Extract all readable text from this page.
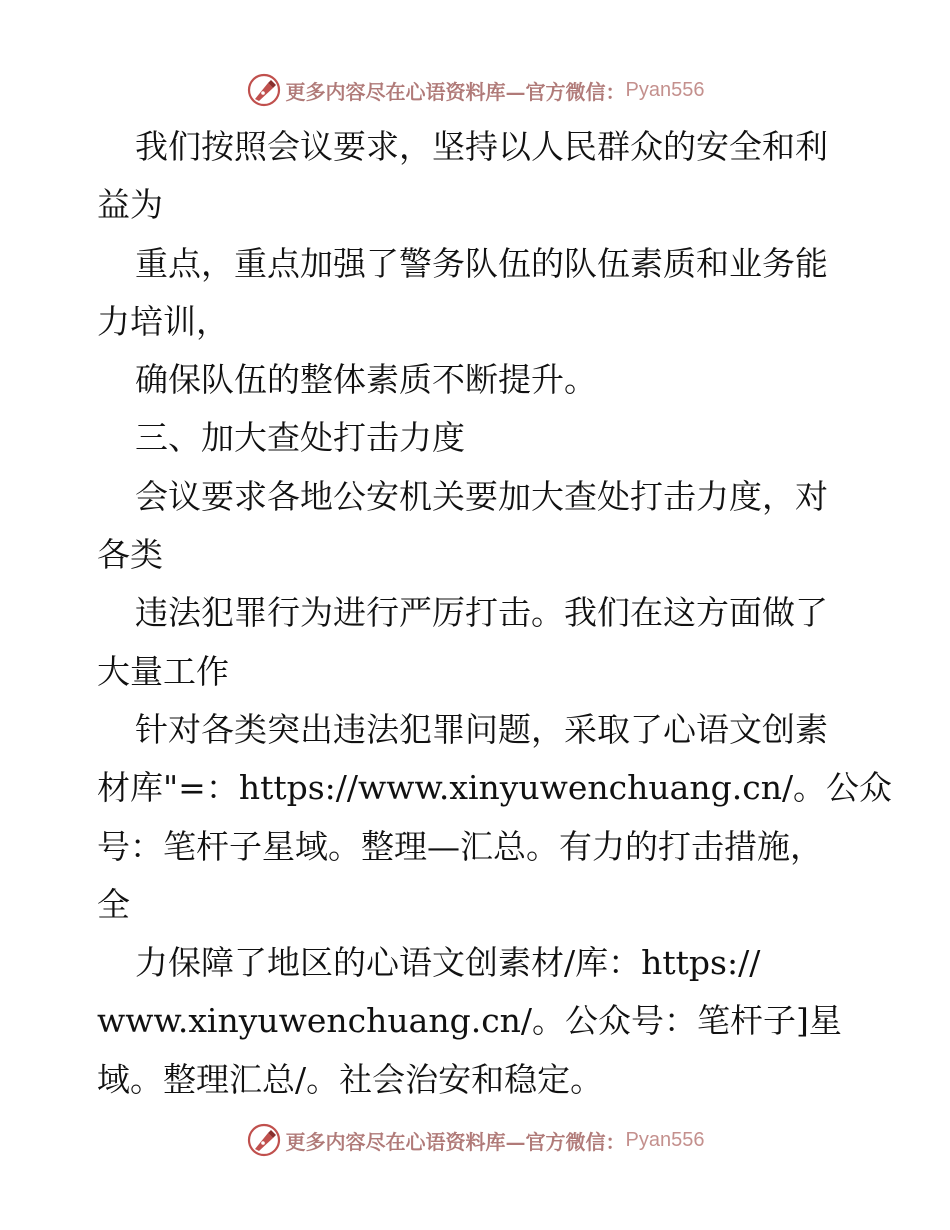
更多内容尽在心语资料库—官方微信： Pyan556
我们按照会议要求，坚持以人民群众的安全和利
益为
重点，重点加强了警务队伍的队伍素质和业务能
力培训，
确保队伍的整体素质不断提升。
三、加大查处打击力度
会议要求各地公安机关要加大查处打击力度，对
各类
违法犯罪行为进行严厉打击。我们在这方面做了
大量工作
针对各类突出违法犯罪问题，采取了心语文创素
材库"=：https://www.xinyuwenchuang.cn/。公众
号：笔杆子星域。整理—汇总。有力的打击措施，
全
力保障了地区的心语文创素材/库：https://
www.xinyuwenchuang.cn/。公众号：笔杆子]星
域。整理汇总/。社会治安和稳定。
更多内容尽在心语资料库—官方微信： Pyan556
